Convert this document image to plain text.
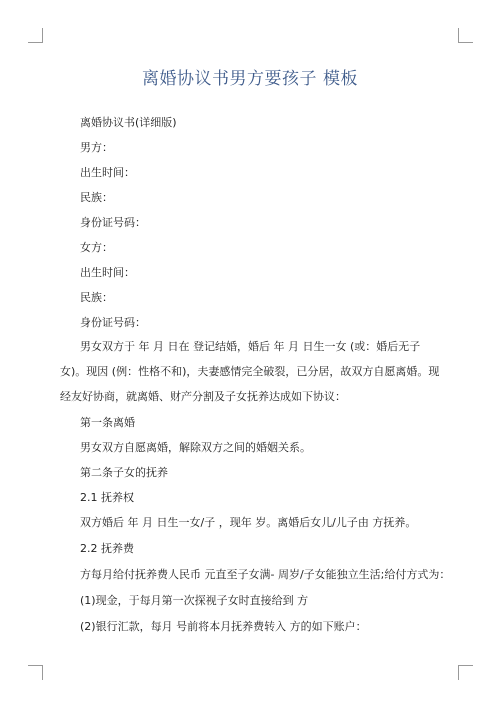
离婚协议书男方要孩子 模板
离婚协议书(详细版)
男方：
出生时间：
民族：
身份证号码：
女方：
出生时间：
民族：
身份证号码：
男女双方于 年 月 日在 登记结婚，婚后 年 月 日生一女 (或：婚后无子女)。现因 (例：性格不和)，夫妻感情完全破裂，已分居，故双方自愿离婚。现经友好协商，就离婚、财产分割及子女抚养达成如下协议：
第一条离婚
男女双方自愿离婚，解除双方之间的婚姻关系。
第二条子女的抚养
2.1 抚养权
双方婚后 年 月 日生一女/子 ，现年 岁。离婚后女儿/儿子由 方抚养。
2.2 抚养费
方每月给付抚养费人民币 元直至子女满- 周岁/子女能独立生活;给付方式为：
(1)现金，于每月第一次探视子女时直接给到 方
(2)银行汇款，每月 号前将本月抚养费转入 方的如下账户：
